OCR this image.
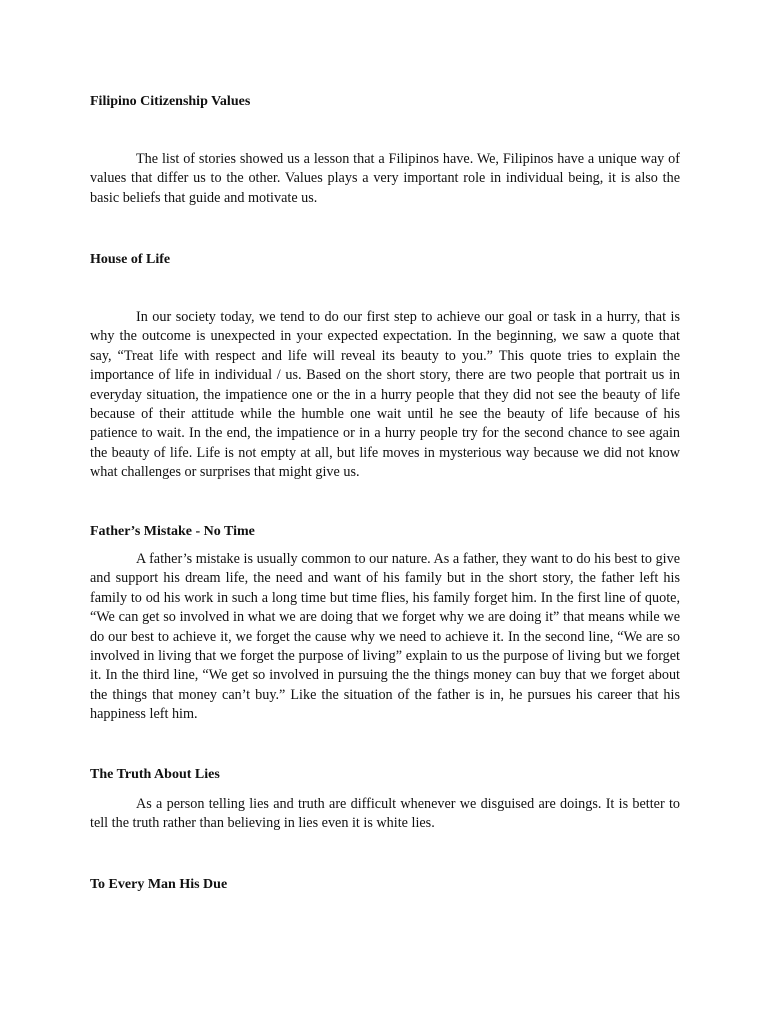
Filipino Citizenship Values

The list of stories showed us a lesson that a Filipinos have. We, Filipinos have a unique way of values that differ us to the other. Values plays a very important role in individual being, it is also the basic beliefs that guide and motivate us.

House of Life

In our society today, we tend to do our first step to achieve our goal or task in a hurry, that is why the outcome is unexpected in your expected expectation. In the beginning, we saw a quote that say, “Treat life with respect and life will reveal its beauty to you.” This quote tries to explain the importance of life in individual / us. Based on the short story, there are two people that portrait us in everyday situation, the impatience one or the in a hurry people that they did not see the beauty of life because of their attitude while the humble one wait until he see the beauty of life because of his patience to wait. In the end, the impatience or in a hurry people try for the second chance to see again the beauty of life. Life is not empty at all, but life moves in mysterious way because we did not know what challenges or surprises that might give us.

Father’s Mistake - No Time

A father’s mistake is usually common to our nature. As a father, they want to do his best to give and support his dream life, the need and want of his family but in the short story, the father left his family to od his work in such a long time but time flies, his family forget him. In the first line of quote, “We can get so involved in what we are doing that we forget why we are doing it” that means while we do our best to achieve it, we forget the cause why we need to achieve it. In the second line, “We are so involved in living that we forget the purpose of living” explain to us the purpose of living but we forget it. In the third line, “We get so involved in pursuing the the things money can buy that we forget about the things that money can’t buy.” Like the situation of the father is in, he pursues his career that his happiness left him.

The Truth About Lies

As a person telling lies and truth are difficult whenever we disguised are doings. It is better to tell the truth rather than believing in lies even it is white lies.

To Every Man His Due
